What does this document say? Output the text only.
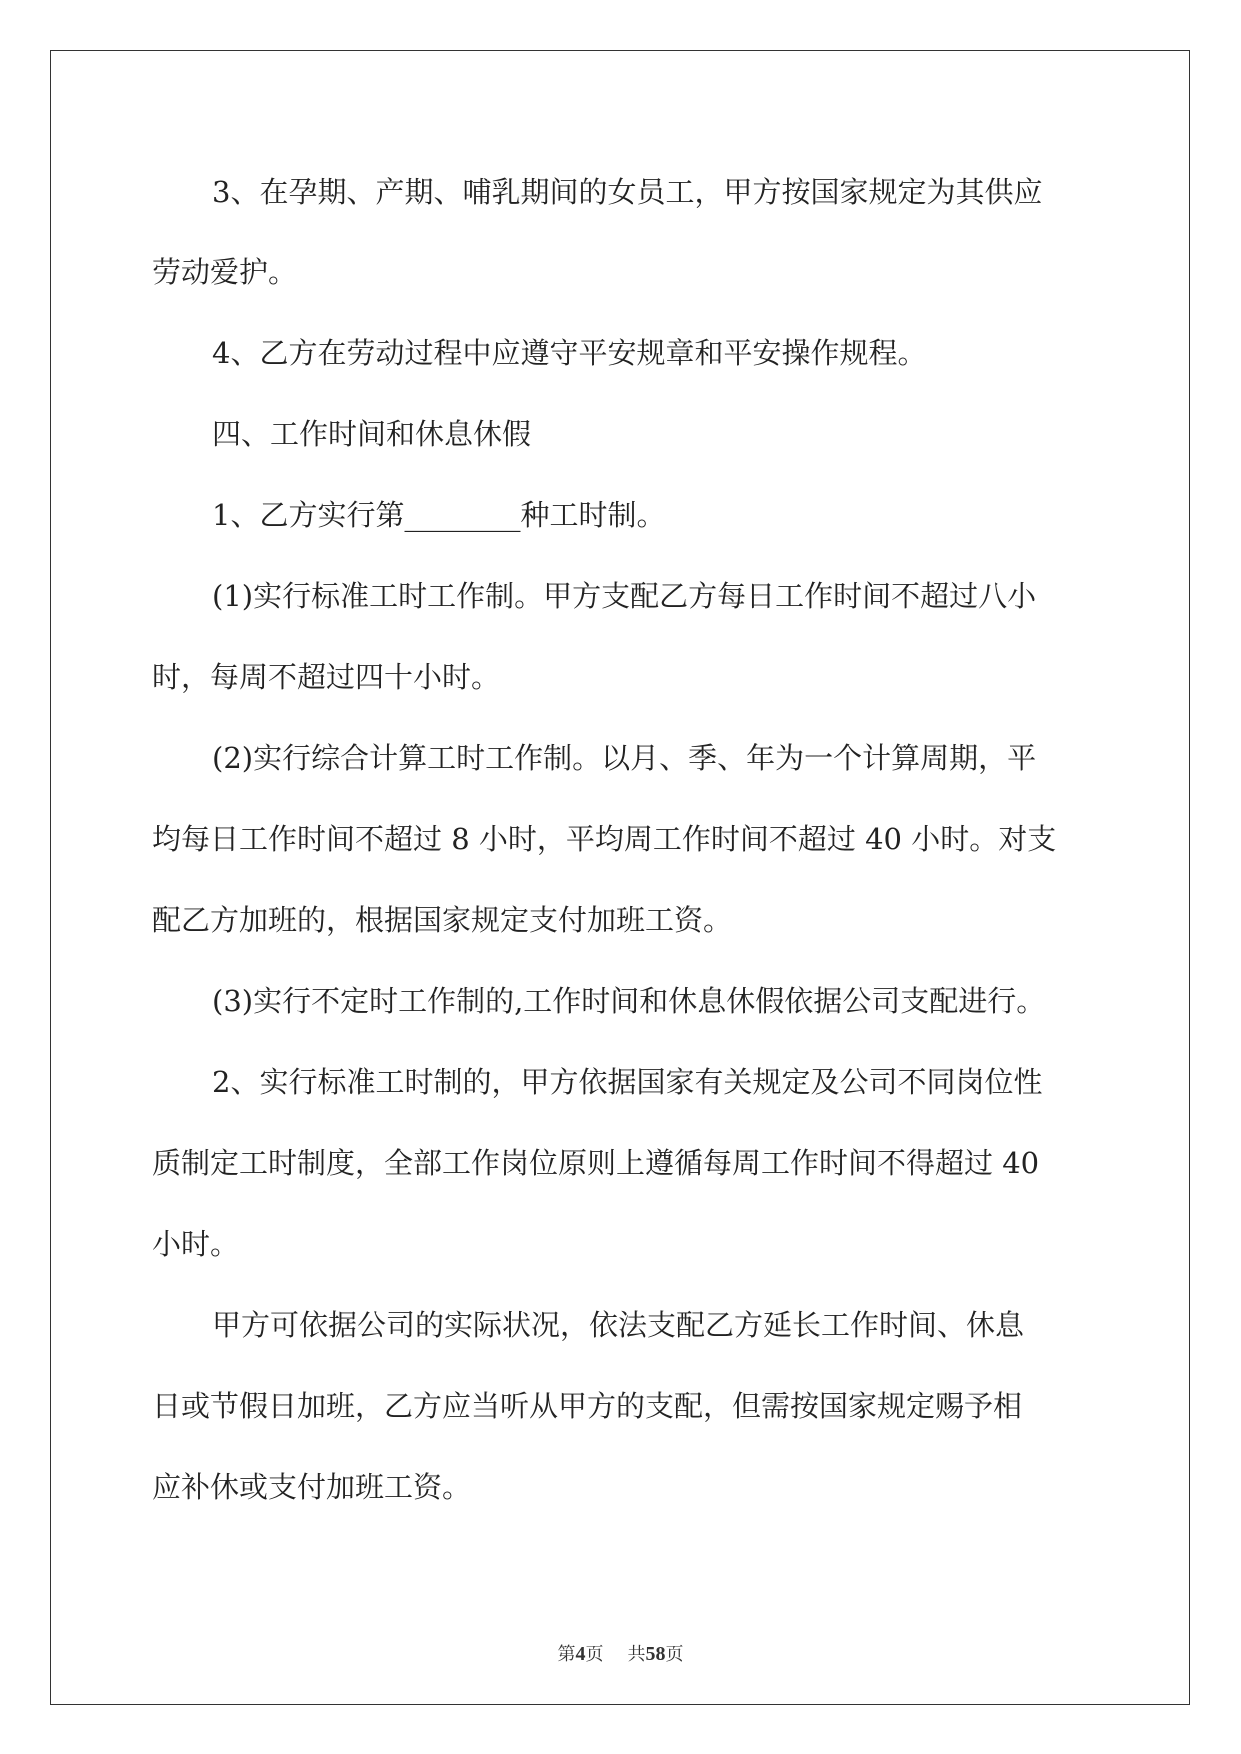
3、在孕期、产期、哺乳期间的女员工，甲方按国家规定为其供应

劳动爱护。

4、乙方在劳动过程中应遵守平安规章和平安操作规程。

四、工作时间和休息休假

1、乙方实行第________种工时制。

(1)实行标准工时工作制。甲方支配乙方每日工作时间不超过八小

时，每周不超过四十小时。

(2)实行综合计算工时工作制。以月、季、年为一个计算周期，平

均每日工作时间不超过 8 小时，平均周工作时间不超过 40 小时。对支

配乙方加班的，根据国家规定支付加班工资。

(3)实行不定时工作制的,工作时间和休息休假依据公司支配进行。

2、实行标准工时制的，甲方依据国家有关规定及公司不同岗位性

质制定工时制度，全部工作岗位原则上遵循每周工作时间不得超过 40

小时。

甲方可依据公司的实际状况，依法支配乙方延长工作时间、休息

日或节假日加班，乙方应当听从甲方的支配，但需按国家规定赐予相

应补休或支付加班工资。

第4页 共58页
